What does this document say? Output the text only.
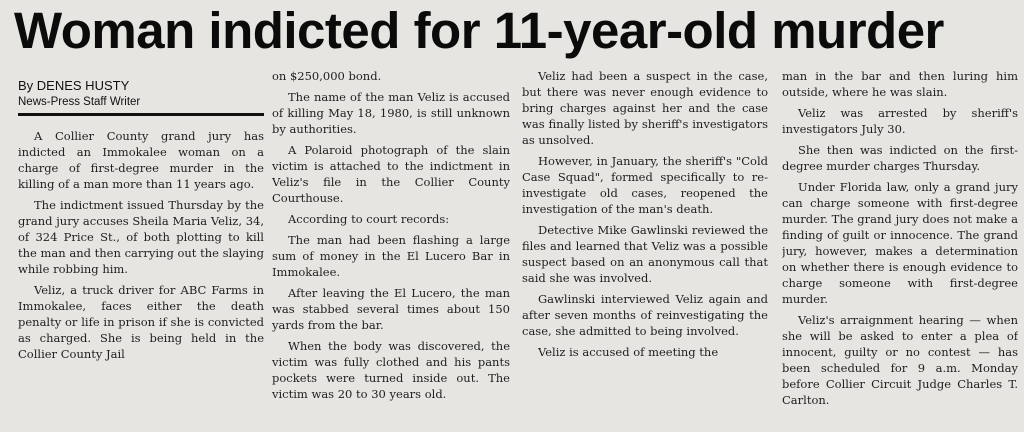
Woman indicted for 11-year-old murder
By DENES HUSTY
News-Press Staff Writer

A Collier County grand jury has indicted an Immokalee woman on a charge of first-degree murder in the killing of a man more than 11 years ago.

The indictment issued Thursday by the grand jury accuses Sheila Maria Veliz, 34, of 324 Price St., of both plotting to kill the man and then carrying out the slaying while robbing him.

Veliz, a truck driver for ABC Farms in Immokalee, faces either the death penalty or life in prison if she is convicted as charged. She is being held in the Collier County Jail

on $250,000 bond.

The name of the man Veliz is accused of killing May 18, 1980, is still unknown by authorities.

A Polaroid photograph of the slain victim is attached to the indictment in Veliz's file in the Collier County Courthouse.

According to court records:

The man had been flashing a large sum of money in the El Lucero Bar in Immokalee.

After leaving the El Lucero, the man was stabbed several times about 150 yards from the bar.

When the body was discovered, the victim was fully clothed and his pants pockets were turned inside out. The victim was 20 to 30 years old.

Veliz had been a suspect in the case, but there was never enough evidence to bring charges against her and the case was finally listed by sheriff's investigators as unsolved.

However, in January, the sheriff's "Cold Case Squad", formed specifically to re-investigate old cases, reopened the investigation of the man's death.

Detective Mike Gawlinski reviewed the files and learned that Veliz was a possible suspect based on an anonymous call that said she was involved.

Gawlinski interviewed Veliz again and after seven months of reinvestigating the case, she admitted to being involved.

Veliz is accused of meeting the

man in the bar and then luring him outside, where he was slain.

Veliz was arrested by sheriff's investigators July 30.

She then was indicted on the first-degree murder charges Thursday.

Under Florida law, only a grand jury can charge someone with first-degree murder. The grand jury does not make a finding of guilt or innocence. The grand jury, however, makes a determination on whether there is enough evidence to charge someone with first-degree murder.

Veliz's arraignment hearing — when she will be asked to enter a plea of innocent, guilty or no contest — has been scheduled for 9 a.m. Monday before Collier Circuit Judge Charles T. Carlton.
